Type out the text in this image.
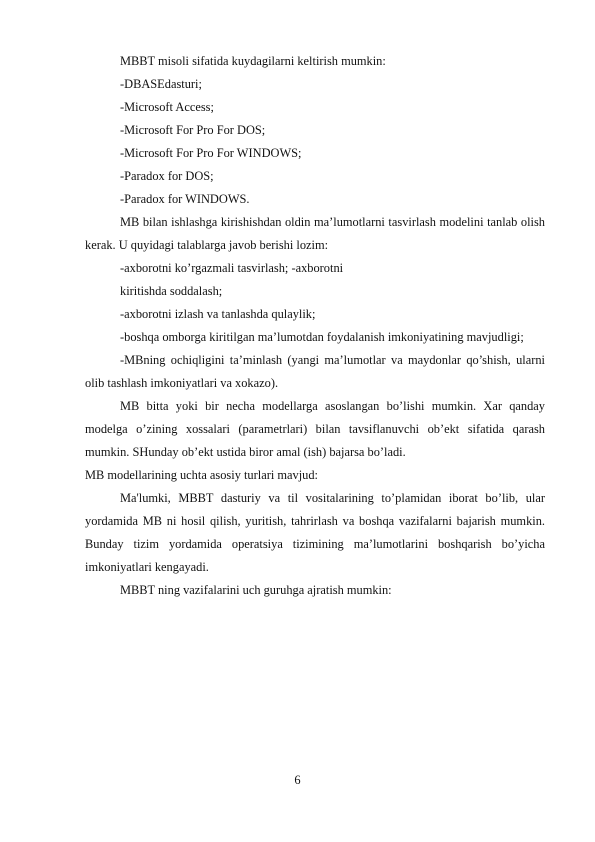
MBBT misoli sifatida kuydagilarni keltirish mumkin:

-DBASEdasturi;

-Microsoft Access;

-Microsoft For Pro For DOS;

-Microsoft For Pro For WINDOWS;

-Paradox for DOS;

-Paradox for WINDOWS.

MB bilan ishlashga kirishishdan oldin ma’lumotlarni tasvirlash modelini tanlab olish kerak. U quyidagi talablarga javob berishi lozim:

-axborotni ko’rgazmali tasvirlash; -axborotni

kiritishda soddalash;

-axborotni izlash va tanlashda qulaylik;

-boshqa omborga kiritilgan ma’lumotdan foydalanish imkoniyatining mavjudligi;

-MBning ochiqligini ta’minlash (yangi ma’lumotlar va maydonlar qo’shish, ularni olib tashlash imkoniyatlari va xokazo).

MB bitta yoki bir necha modellarga asoslangan bo’lishi mumkin. Xar qanday modelga o’zining xossalari (parametrlari) bilan tavsiflanuvchi ob’ekt sifatida qarash mumkin. SHunday ob’ekt ustida biror amal (ish) bajarsa bo’ladi.

MB modellarining uchta asosiy turlari mavjud:

Ma'lumki, MBBT dasturiy va til vositalarining to’plamidan iborat bo’lib, ular yordamida MB ni hosil qilish, yuritish, tahrirlash va boshqa vazifalarni bajarish mumkin. Bunday tizim yordamida operatsiya tizimining ma’lumotlarini boshqarish bo’yicha imkoniyatlari kengayadi.

MBBT ning vazifalarini uch guruhga ajratish mumkin:

6
